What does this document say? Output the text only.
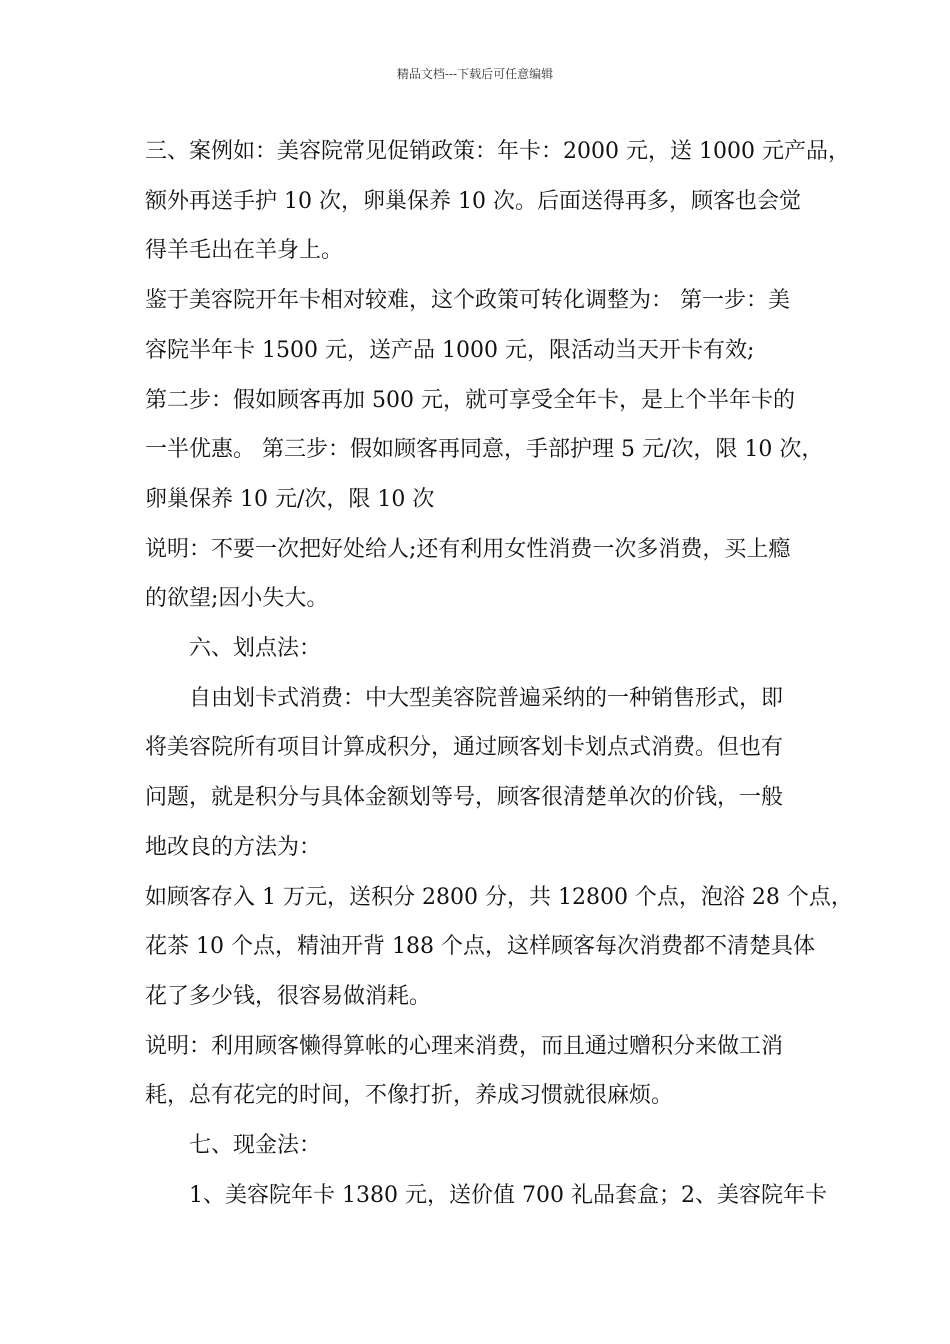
精品文档---下载后可任意编辑
三、案例如：美容院常见促销政策：年卡：2000 元，送 1000 元产品，
额外再送手护 10 次，卵巢保养 10 次。后面送得再多，顾客也会觉
得羊毛出在羊身上。
鉴于美容院开年卡相对较难，这个政策可转化调整为： 第一步：美
容院半年卡 1500 元，送产品 1000 元，限活动当天开卡有效;
第二步：假如顾客再加 500 元，就可享受全年卡，是上个半年卡的
一半优惠。 第三步：假如顾客再同意，手部护理 5 元/次，限 10 次，
卵巢保养 10 元/次，限 10 次
说明：不要一次把好处给人;还有利用女性消费一次多消费，买上瘾
的欲望;因小失大。
六、划点法：
自由划卡式消费：中大型美容院普遍采纳的一种销售形式，即
将美容院所有项目计算成积分，通过顾客划卡划点式消费。但也有
问题，就是积分与具体金额划等号，顾客很清楚单次的价钱，一般
地改良的方法为：
如顾客存入 1 万元，送积分 2800 分，共 12800 个点，泡浴 28 个点，
花茶 10 个点，精油开背 188 个点，这样顾客每次消费都不清楚具体
花了多少钱，很容易做消耗。
说明：利用顾客懒得算帐的心理来消费，而且通过赠积分来做工消
耗，总有花完的时间，不像打折，养成习惯就很麻烦。
七、现金法：
1、美容院年卡 1380 元，送价值 700 礼品套盒；2、美容院年卡
